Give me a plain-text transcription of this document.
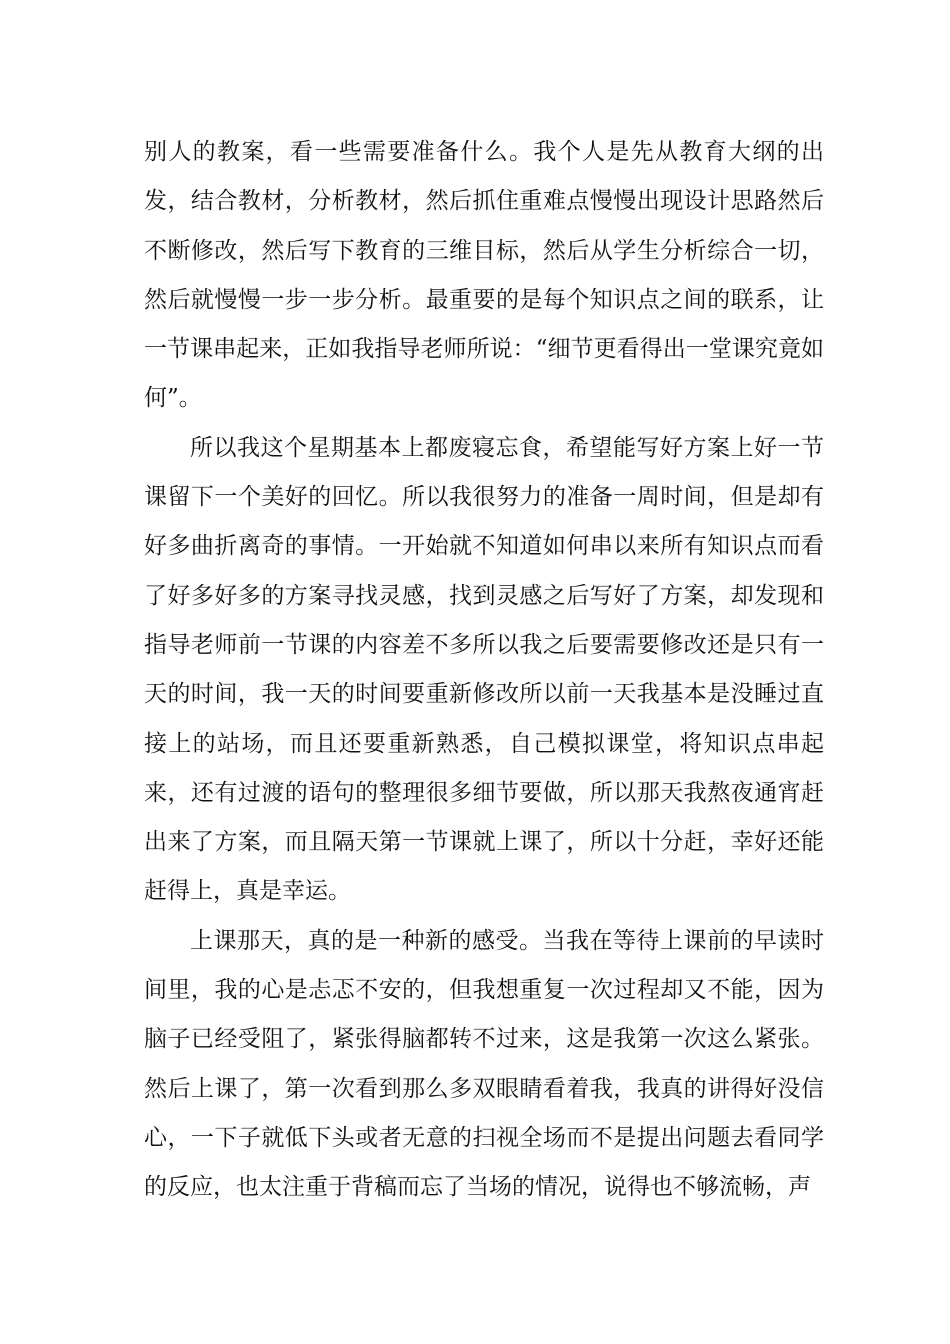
别人的教案，看一些需要准备什么。我个人是先从教育大纲的出发，结合教材，分析教材，然后抓住重难点慢慢出现设计思路然后不断修改，然后写下教育的三维目标，然后从学生分析综合一切，然后就慢慢一步一步分析。最重要的是每个知识点之间的联系，让一节课串起来，正如我指导老师所说：“细节更看得出一堂课究竟如何”。

所以我这个星期基本上都废寝忘食，希望能写好方案上好一节课留下一个美好的回忆。所以我很努力的准备一周时间，但是却有好多曲折离奇的事情。一开始就不知道如何串以来所有知识点而看了好多好多的方案寻找灵感，找到灵感之后写好了方案，却发现和指导老师前一节课的内容差不多所以我之后要需要修改还是只有一天的时间，我一天的时间要重新修改所以前一天我基本是没睡过直接上的站场，而且还要重新熟悉，自己模拟课堂，将知识点串起来，还有过渡的语句的整理很多细节要做，所以那天我熬夜通宵赶出来了方案，而且隔天第一节课就上课了，所以十分赶，幸好还能赶得上，真是幸运。

上课那天，真的是一种新的感受。当我在等待上课前的早读时间里，我的心是忐忑不安的，但我想重复一次过程却又不能，因为脑子已经受阻了，紧张得脑都转不过来，这是我第一次这么紧张。然后上课了，第一次看到那么多双眼睛看着我，我真的讲得好没信心，一下子就低下头或者无意的扫视全场而不是提出问题去看同学的反应，也太注重于背稿而忘了当场的情况，说得也不够流畅，声
